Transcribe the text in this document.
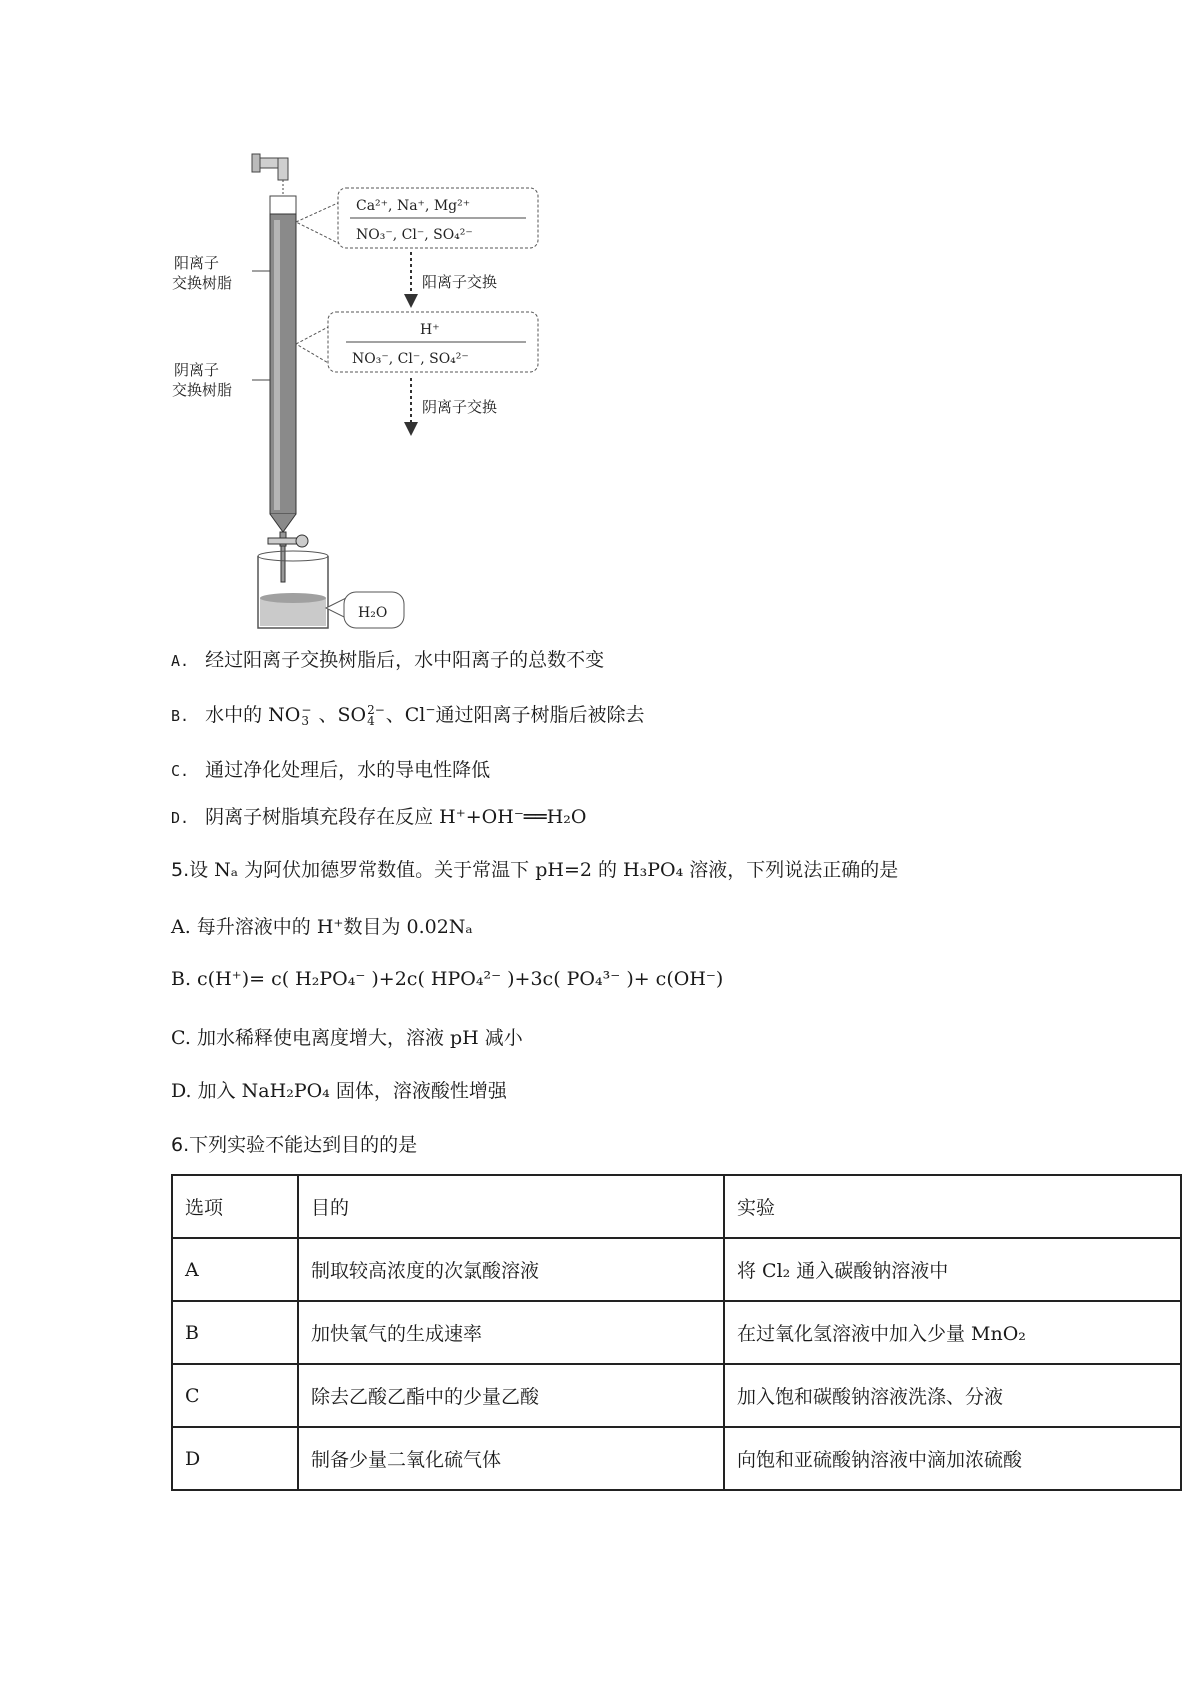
阳离子
交换树脂
阴离子
交换树脂
Ca²⁺, Na⁺, Mg²⁺
NO₃⁻, Cl⁻, SO₄²⁻
阳离子交换
H⁺
NO₃⁻, Cl⁻, SO₄²⁻
阴离子交换
H₂O
A. 经过阳离子交换树脂后，水中阳离子的总数不变
B. 水中的 NO −
3 、SO 2−
4 、Cl−通过阳离子树脂后被除去
C. 通过净化处理后，水的导电性降低
D. 阴离子树脂填充段存在反应 H⁺+OH⁻══H₂O
5.设 Nₐ 为阿伏加德罗常数值。关于常温下 pH=2 的 H₃PO₄ 溶液，下列说法正确的是
A. 每升溶液中的 H⁺数目为 0.02Nₐ
B. c(H⁺)= c( H₂PO₄⁻ )+2c( HPO₄²⁻ )+3c( PO₄³⁻ )+ c(OH⁻)
C. 加水稀释使电离度增大，溶液 pH 减小
D. 加入 NaH₂PO₄ 固体，溶液酸性增强
6.下列实验不能达到目的的是
选项	目的	实验
A	制取较高浓度的次氯酸溶液	将 Cl₂ 通入碳酸钠溶液中
B	加快氧气的生成速率	在过氧化氢溶液中加入少量 MnO₂
C	除去乙酸乙酯中的少量乙酸	加入饱和碳酸钠溶液洗涤、分液
D	制备少量二氧化硫气体	向饱和亚硫酸钠溶液中滴加浓硫酸
